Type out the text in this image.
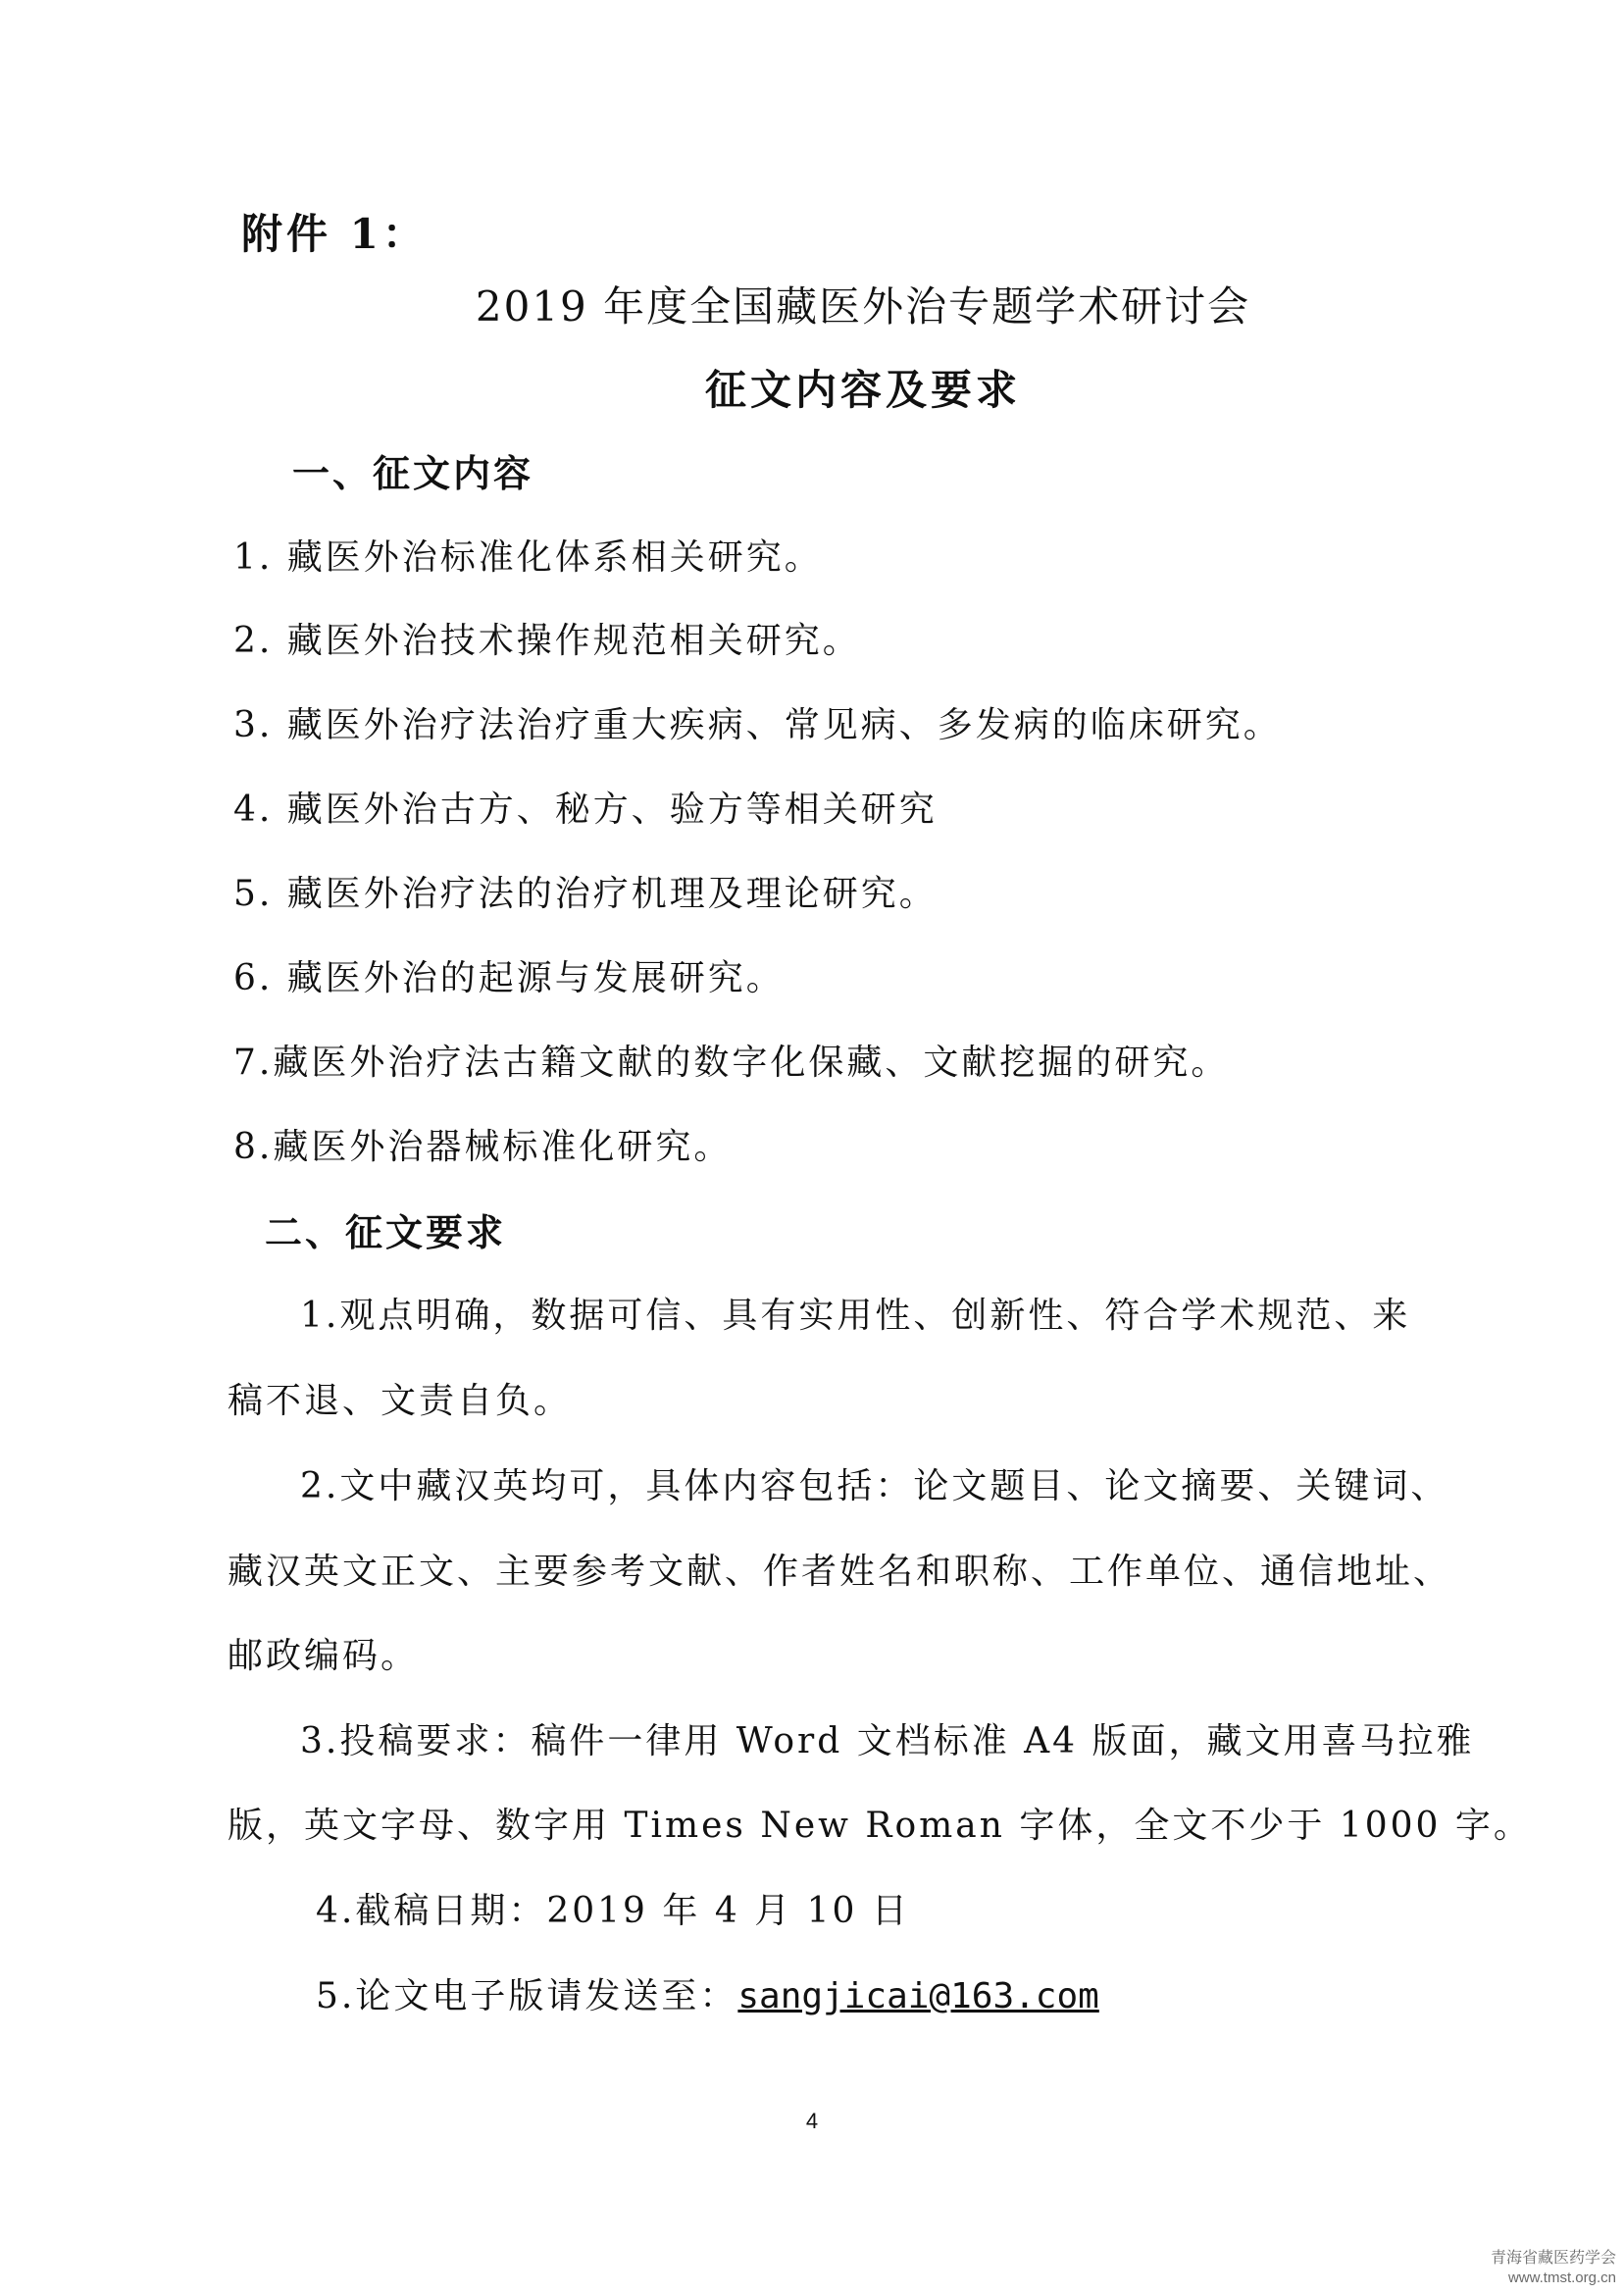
附件 1：
2019 年度全国藏医外治专题学术研讨会
征文内容及要求
一、征文内容
1. 藏医外治标准化体系相关研究。
2. 藏医外治技术操作规范相关研究。
3. 藏医外治疗法治疗重大疾病、常见病、多发病的临床研究。
4. 藏医外治古方、秘方、验方等相关研究
5. 藏医外治疗法的治疗机理及理论研究。
6. 藏医外治的起源与发展研究。
7.藏医外治疗法古籍文献的数字化保藏、文献挖掘的研究。
8.藏医外治器械标准化研究。
二、征文要求
1.观点明确，数据可信、具有实用性、创新性、符合学术规范、来
稿不退、文责自负。
2.文中藏汉英均可，具体内容包括：论文题目、论文摘要、关键词、
藏汉英文正文、主要参考文献、作者姓名和职称、工作单位、通信地址、
邮政编码。
3.投稿要求：稿件一律用 Word 文档标准 A4 版面，藏文用喜马拉雅
版，英文字母、数字用 Times New Roman 字体，全文不少于 1000 字。
4.截稿日期：2019 年 4 月 10 日
5.论文电子版请发送至：sangjicai@163.com
4
青海省藏医药学会
www.tmst.org.cn
